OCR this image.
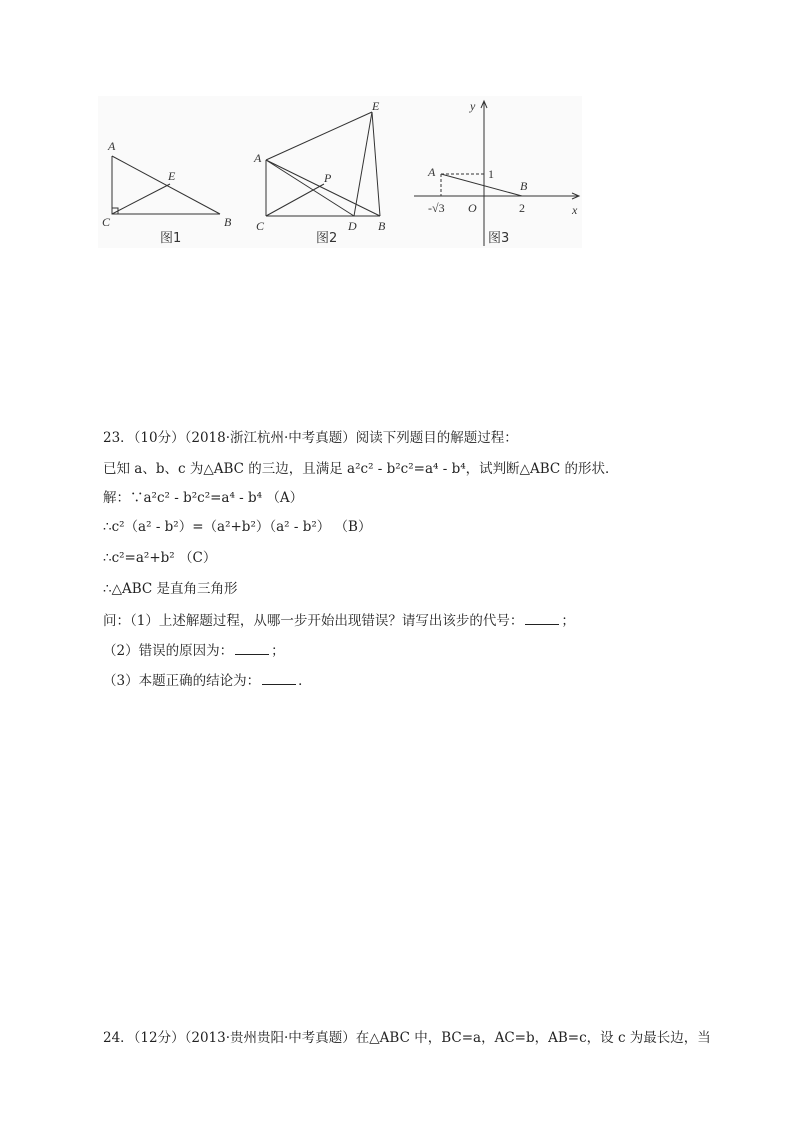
A
E
C	B
图1
A
E
P
C	D B
图2
y
x
A
B
O
1
2
-√3
图3
23．（10分）（2018·浙江杭州·中考真题）阅读下列题目的解题过程：
已知 a、b、c 为△ABC 的三边，且满足 a²c² - b²c²=a⁴ - b⁴，试判断△ABC 的形状．
解：∵a²c² - b²c²=a⁴ - b⁴ （A）
∴c²（a² - b²）=（a²+b²）（a² - b²） （B）
∴c²=a²+b² （C）
∴△ABC 是直角三角形
问：（1）上述解题过程，从哪一步开始出现错误？请写出该步的代号：	；
（2）错误的原因为：	；
（3）本题正确的结论为：	．
24．（12分）（2013·贵州贵阳·中考真题）在△ABC 中，BC=a，AC=b，AB=c，设 c 为最长边，当
